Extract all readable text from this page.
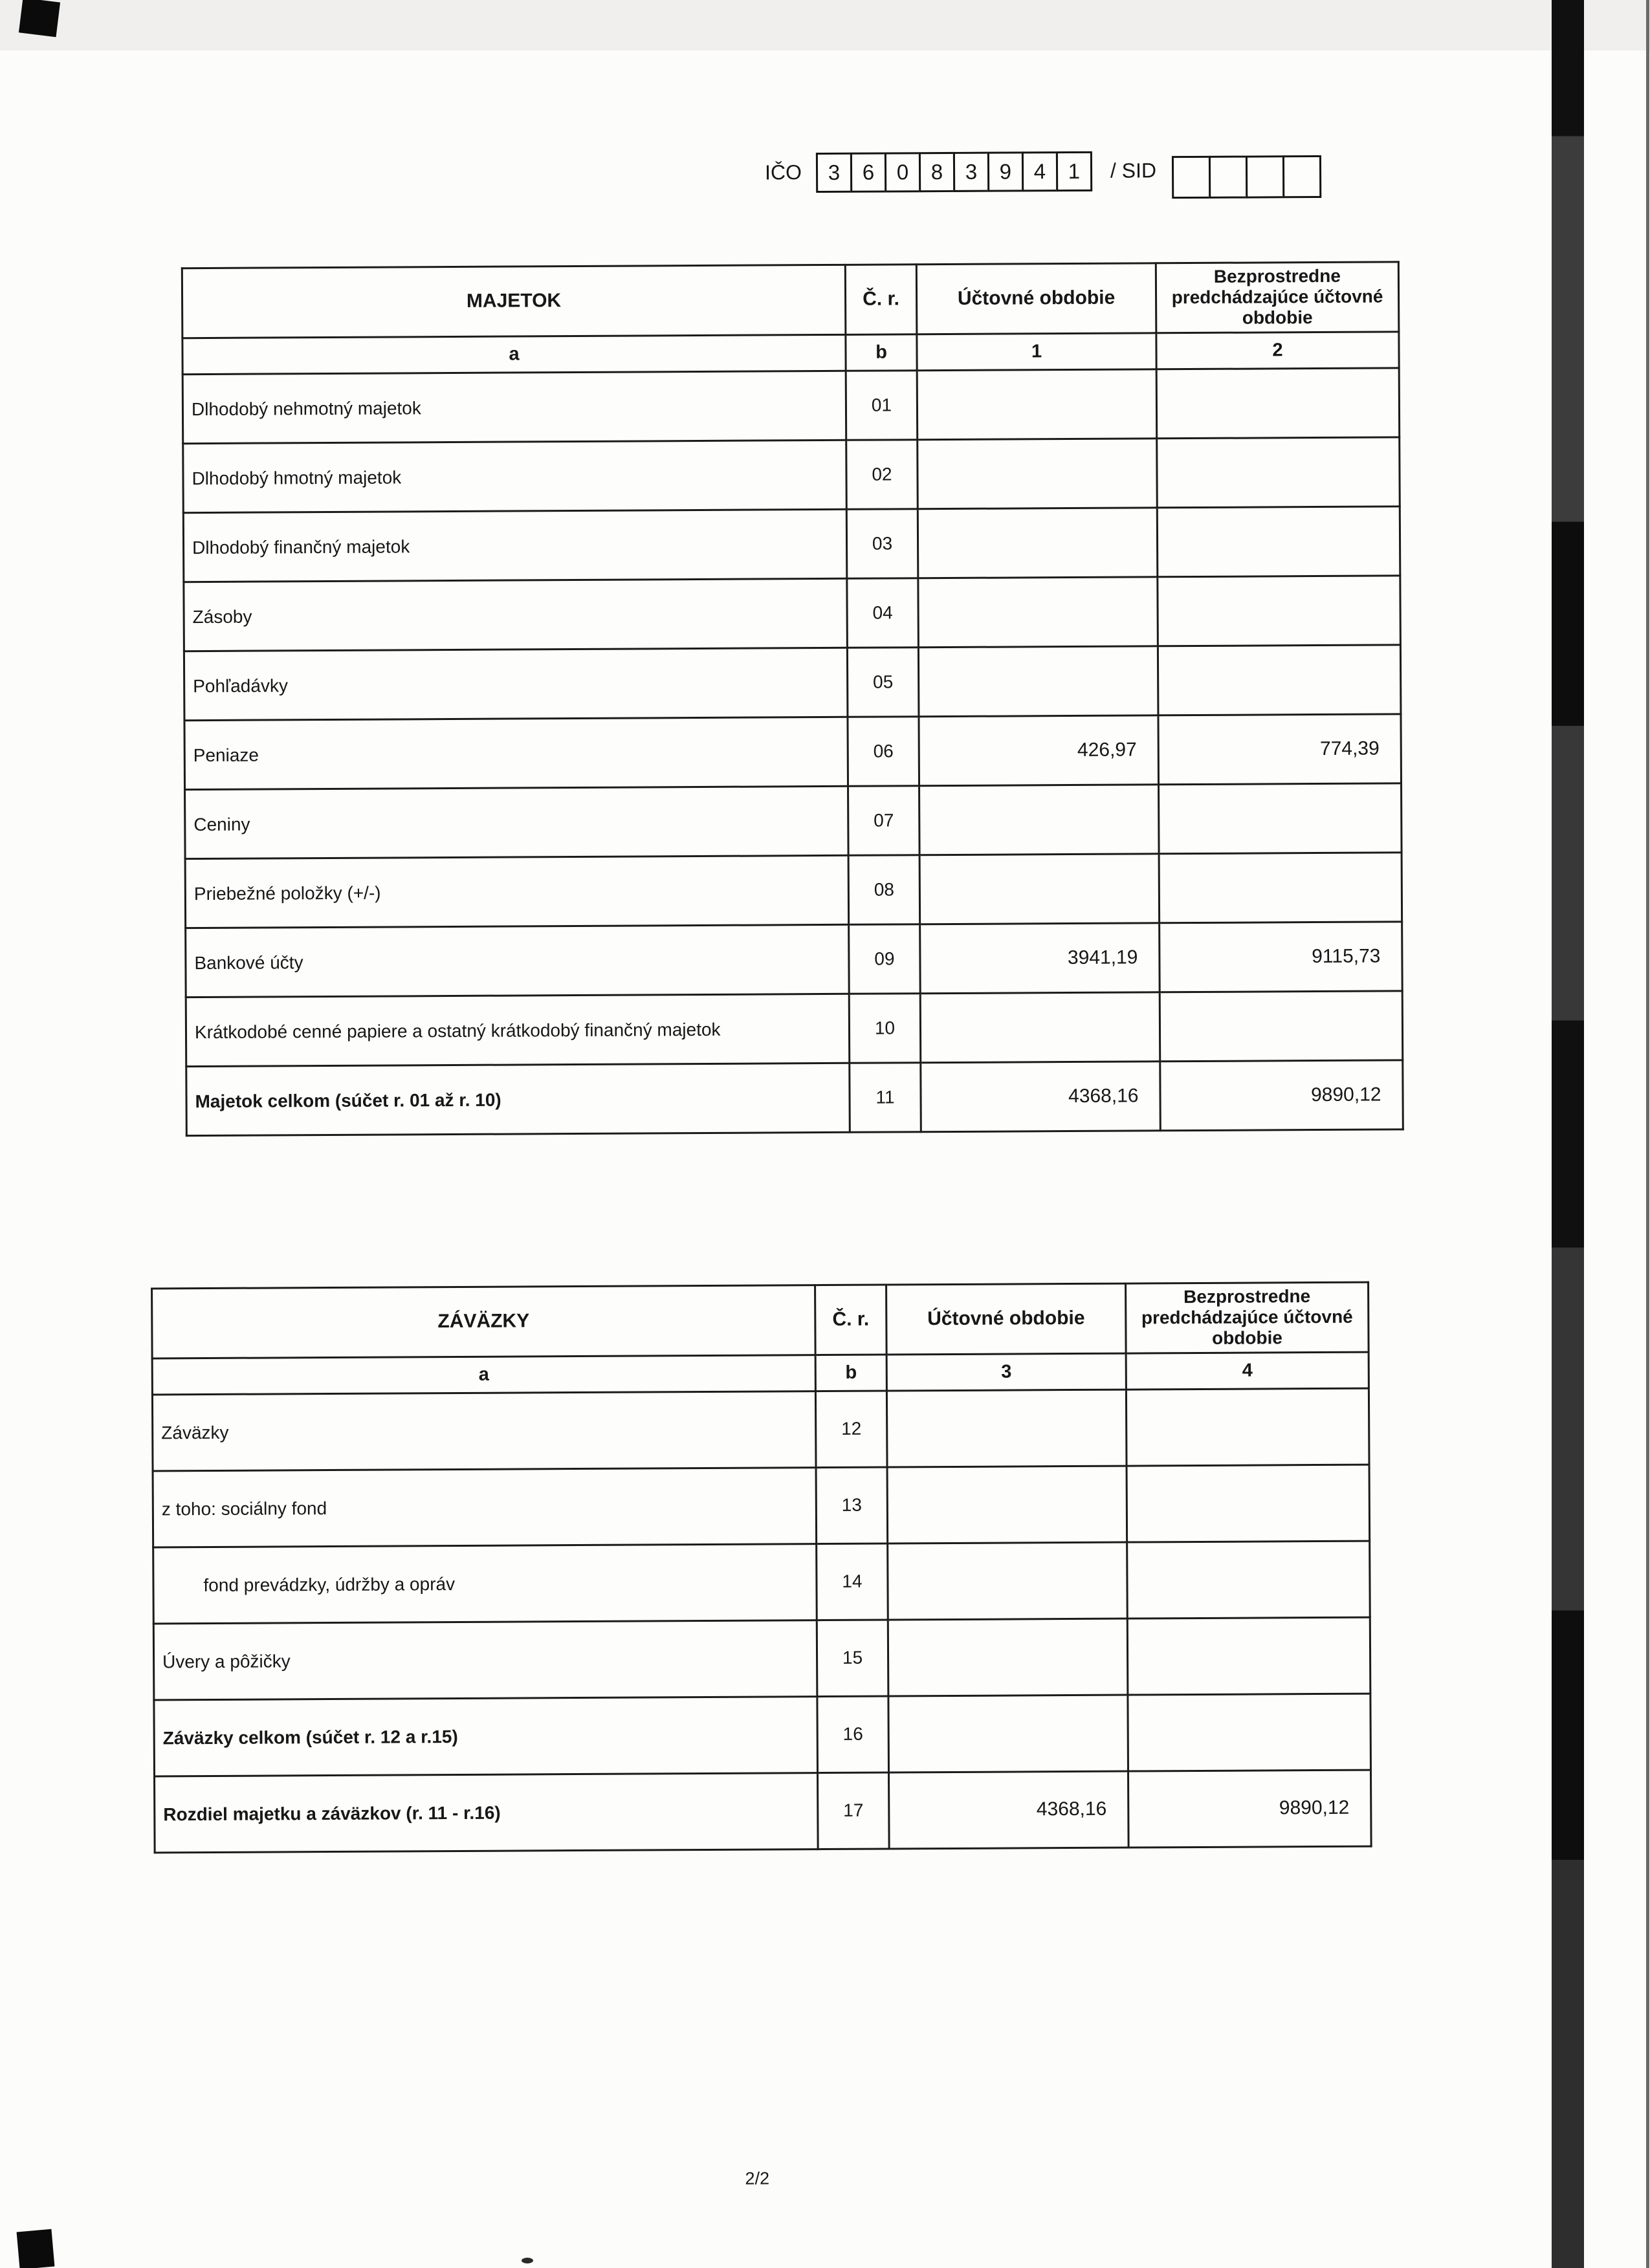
IČO	3	6	0	8	3	9	4	1	/ SID
MAJETOK	Č. r.	Účtovné obdobie	Bezprostredne predchádzajúce účtovné obdobie
a	b	1	2
Dlhodobý nehmotný majetok	01		
Dlhodobý hmotný majetok	02		
Dlhodobý finančný majetok	03		
Zásoby	04		
Pohľadávky	05		
Peniaze	06	426,97	774,39
Ceniny	07		
Priebežné položky (+/-)	08		
Bankové účty	09	3941,19	9115,73
Krátkodobé cenné papiere a ostatný krátkodobý finančný majetok	10		
Majetok celkom (súčet r. 01 až r. 10)	11	4368,16	9890,12
ZÁVÄZKY	Č. r.	Účtovné obdobie	Bezprostredne predchádzajúce účtovné obdobie
a	b	3	4
Záväzky	12		
z toho: sociálny fond	13		
fond prevádzky, údržby a opráv	14		
Úvery a pôžičky	15		
Záväzky celkom (súčet r. 12 a r.15)	16		
Rozdiel majetku a záväzkov (r. 11 - r.16)	17	4368,16	9890,12
2/2
